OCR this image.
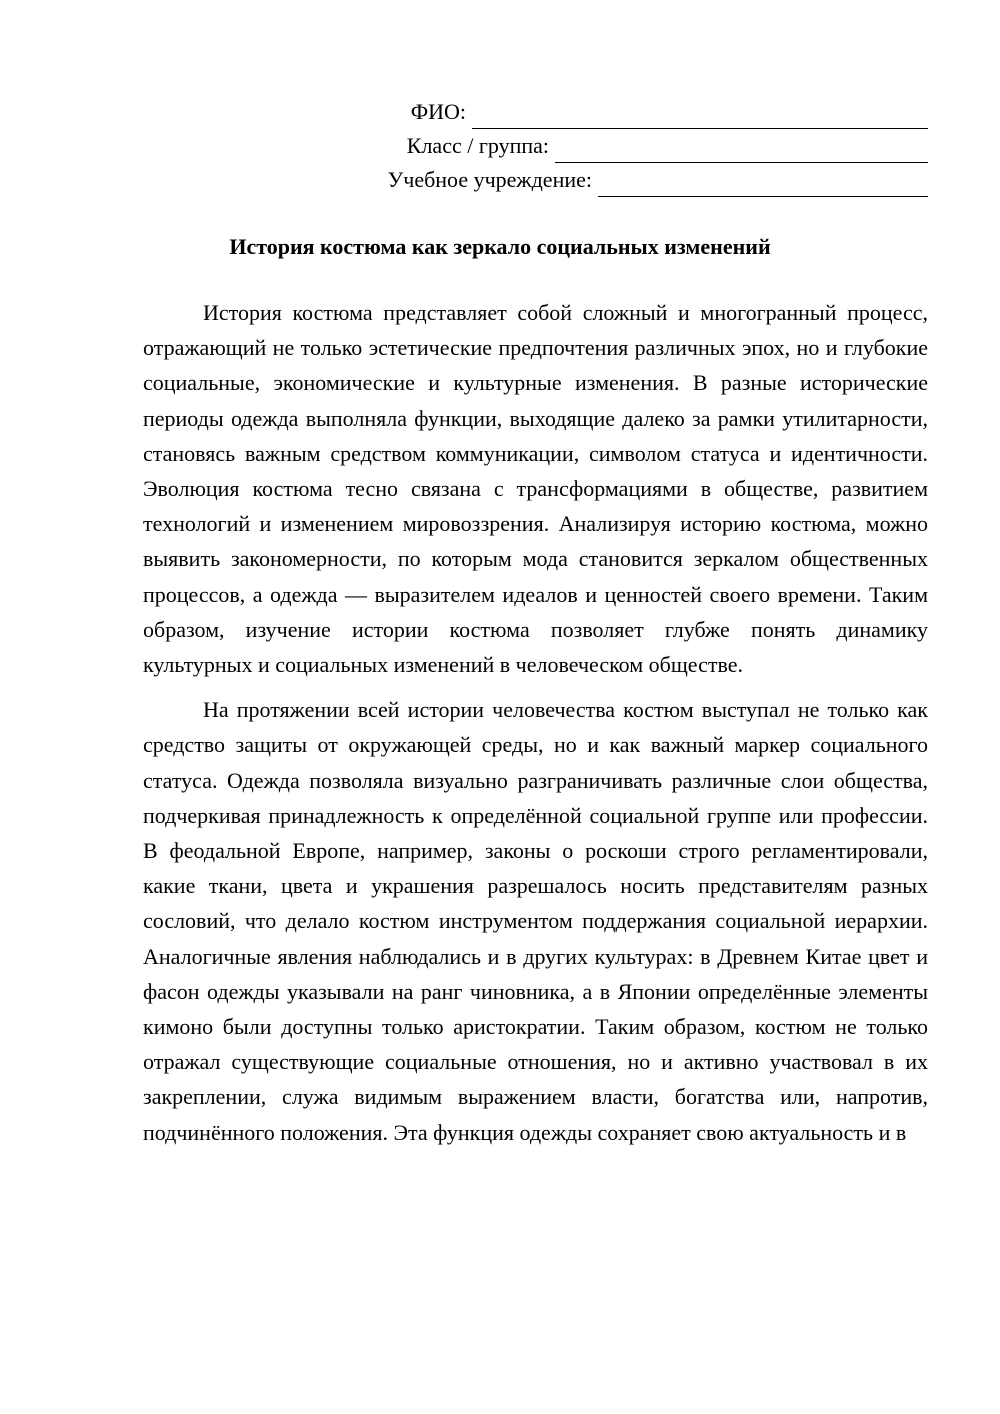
ФИО:
Класс / группа:
Учебное учреждение:
История костюма как зеркало социальных изменений

История костюма представляет собой сложный и многогранный процесс, отражающий не только эстетические предпочтения различных эпох, но и глубокие социальные, экономические и культурные изменения. В разные исторические периоды одежда выполняла функции, выходящие далеко за рамки утилитарности, становясь важным средством коммуникации, символом статуса и идентичности. Эволюция костюма тесно связана с трансформациями в обществе, развитием технологий и изменением мировоззрения. Анализируя историю костюма, можно выявить закономерности, по которым мода становится зеркалом общественных процессов, а одежда — выразителем идеалов и ценностей своего времени. Таким образом, изучение истории костюма позволяет глубже понять динамику культурных и социальных изменений в человеческом обществе.

На протяжении всей истории человечества костюм выступал не только как средство защиты от окружающей среды, но и как важный маркер социального статуса. Одежда позволяла визуально разграничивать различные слои общества, подчеркивая принадлежность к определённой социальной группе или профессии. В феодальной Европе, например, законы о роскоши строго регламентировали, какие ткани, цвета и украшения разрешалось носить представителям разных сословий, что делало костюм инструментом поддержания социальной иерархии. Аналогичные явления наблюдались и в других культурах: в Древнем Китае цвет и фасон одежды указывали на ранг чиновника, а в Японии определённые элементы кимоно были доступны только аристократии. Таким образом, костюм не только отражал существующие социальные отношения, но и активно участвовал в их закреплении, служа видимым выражением власти, богатства или, напротив, подчинённого положения. Эта функция одежды сохраняет свою актуальность и в
